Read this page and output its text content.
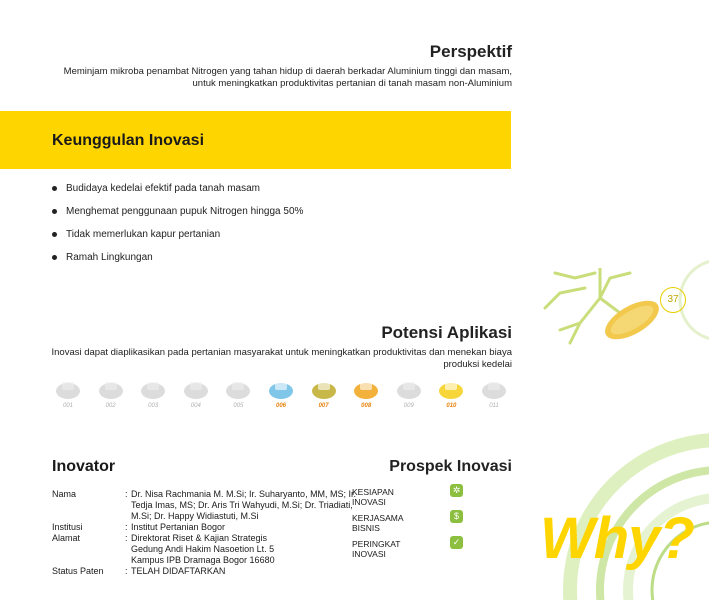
Perspektif
Meminjam mikroba penambat Nitrogen yang tahan hidup di daerah berkadar Aluminium tinggi dan masam, untuk meningkatkan produktivitas pertanian di tanah masam non-Aluminium
Keunggulan Inovasi
Budidaya kedelai efektif pada tanah masam
Menghemat penggunaan pupuk Nitrogen hingga 50%
Tidak memerlukan kapur pertanian
Ramah Lingkungan
37
Potensi Aplikasi
Inovasi dapat diaplikasikan pada pertanian masyarakat untuk meningkatkan produktivitas dan menekan biaya produksi kedelai
001	002	003	004	005	006	007	008	009	010	011
Inovator	Prospek Inovasi
Nama	: Dr. Nisa Rachmania M. M.Si; Ir. Suharyanto, MM, MS; Ir. Tedja Imas, MS; Dr. Aris Tri Wahyudi, M.Si; Dr. Triadiati, M.Si; Dr. Happy Widiastuti, M.Si
Institusi	: Institut Pertanian Bogor
Alamat	: Direktorat Riset & Kajian Strategis Gedung Andi Hakim Nasoetion Lt. 5 Kampus IPB Dramaga Bogor 16680
Status Paten	: TELAH DIDAFTARKAN
KESIAPAN INOVASI
✲
KERJASAMA BISNIS
$
PERINGKAT INOVASI
✓ Why?
